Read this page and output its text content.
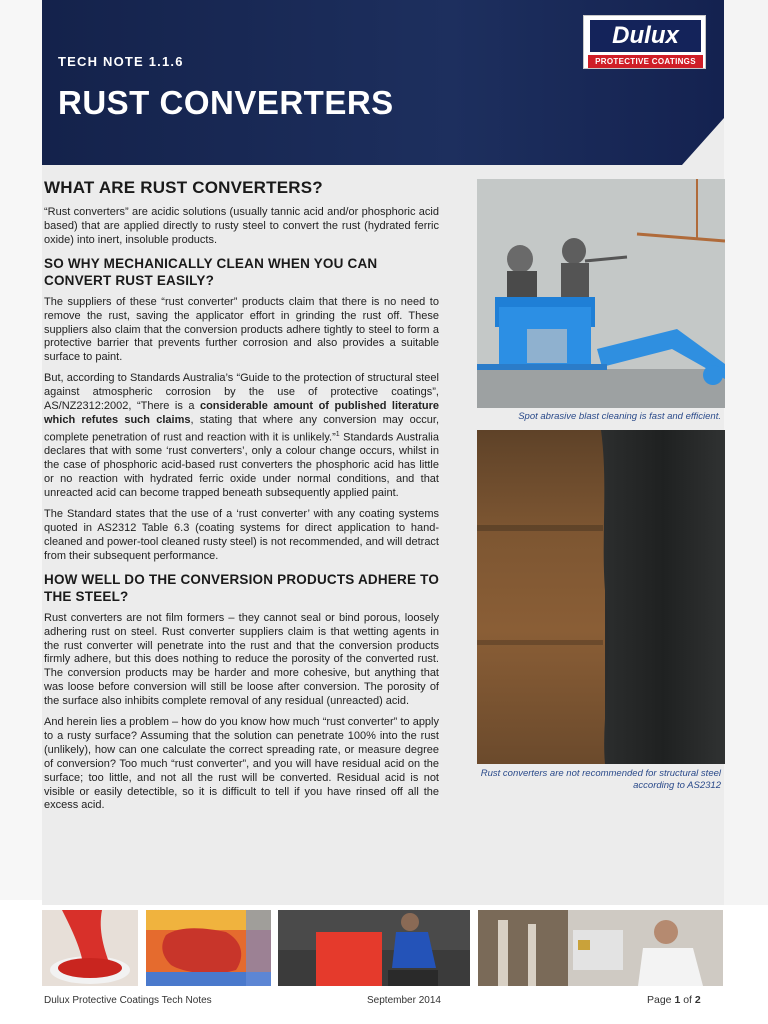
TECH NOTE 1.1.6
RUST CONVERTERS
Dulux
PROTECTIVE COATINGS
WHAT ARE RUST CONVERTERS?

“Rust converters” are acidic solutions (usually tannic acid and/or phosphoric acid based) that are applied directly to rusty steel to convert the rust (hydrated ferric oxide) into inert, insoluble products.

SO WHY MECHANICALLY CLEAN WHEN YOU CAN CONVERT RUST EASILY?

The suppliers of these “rust converter” products claim that there is no need to remove the rust, saving the applicator effort in grinding the rust off. These suppliers also claim that the conversion products adhere tightly to steel to form a protective barrier that prevents further corrosion and also provides a suitable surface to paint.

But, according to Standards Australia’s “Guide to the protection of structural steel against atmospheric corrosion by the use of protective coatings”, AS/NZ2312:2002, “There is a considerable amount of published literature which refutes such claims, stating that where any conversion may occur, complete penetration of rust and reaction with it is unlikely.”$^1$ Standards Australia declares that with some ‘rust converters’, only a colour change occurs, whilst in the case of phosphoric acid-based rust converters the phosphoric acid has little or no reaction with hydrated ferric oxide under normal conditions, and that unreacted acid can become trapped beneath subsequently applied paint.

The Standard states that the use of a ‘rust converter’ with any coating systems quoted in AS2312 Table 6.3 (coating systems for direct application to hand-cleaned and power-tool cleaned rusty steel) is not recommended, and will detract from their subsequent performance.

HOW WELL DO THE CONVERSION PRODUCTS ADHERE TO THE STEEL?

Rust converters are not film formers – they cannot seal or bind porous, loosely adhering rust on steel. Rust converter suppliers claim is that wetting agents in the rust converter will penetrate into the rust and that the conversion products firmly adhere, but this does nothing to reduce the porosity of the converted rust. The conversion products may be harder and more cohesive, but anything that was loose before conversion will still be loose after conversion. The porosity of the surface also inhibits complete removal of any residual (unreacted) acid.

And herein lies a problem – how do you know how much “rust converter” to apply to a rusty surface? Assuming that the solution can penetrate 100% into the rust (unlikely), how can one calculate the correct spreading rate, or measure degree of conversion? Too much “rust converter”, and you will have residual acid on the surface; too little, and not all the rust will be converted. Residual acid is not visible or easily detectible, so it is difficult to tell if you have rinsed off all the excess acid.

Spot abrasive blast cleaning is fast and efficient.
Rust converters are not recommended for structural steel according to AS2312
Dulux Protective Coatings Tech Notes	September 2014	Page 1 of 2
